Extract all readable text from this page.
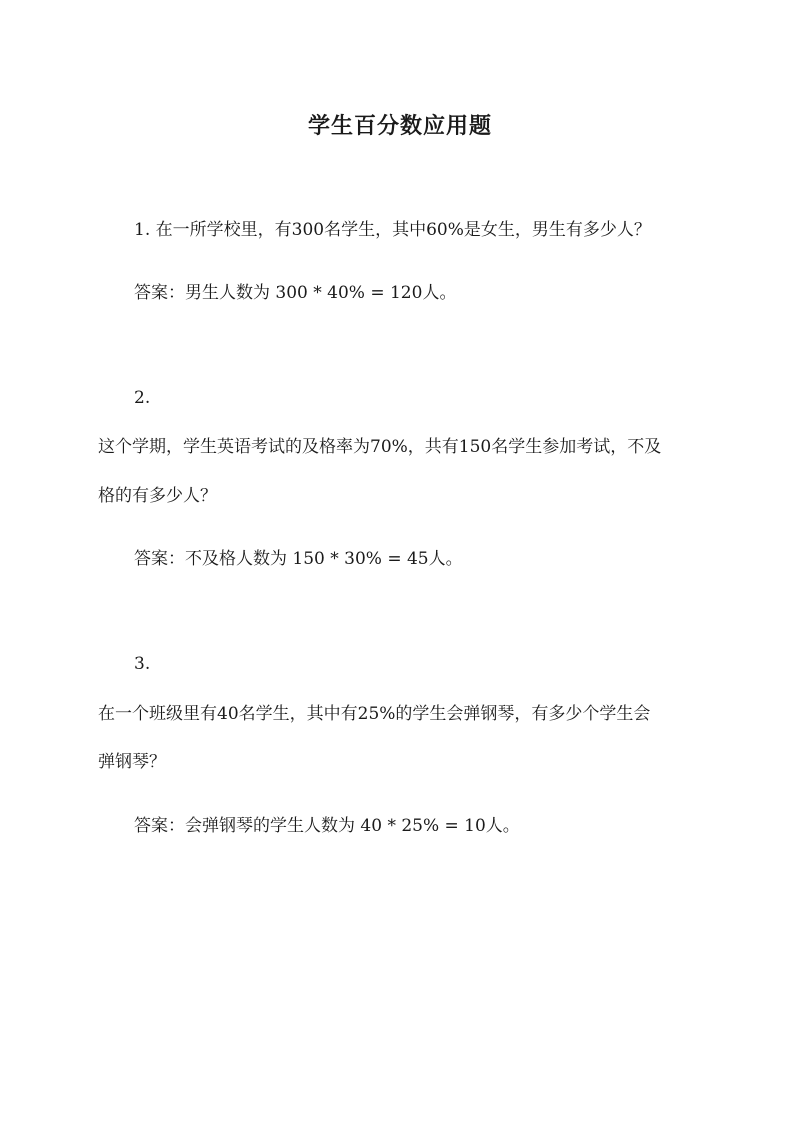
学生百分数应用题

1. 在一所学校里，有300名学生，其中60%是女生，男生有多少人？

答案：男生人数为 300 * 40% = 120人。

2.

这个学期，学生英语考试的及格率为70%，共有150名学生参加考试，不及

格的有多少人？

答案：不及格人数为 150 * 30% = 45人。

3.

在一个班级里有40名学生，其中有25%的学生会弹钢琴，有多少个学生会

弹钢琴？

答案：会弹钢琴的学生人数为 40 * 25% = 10人。
